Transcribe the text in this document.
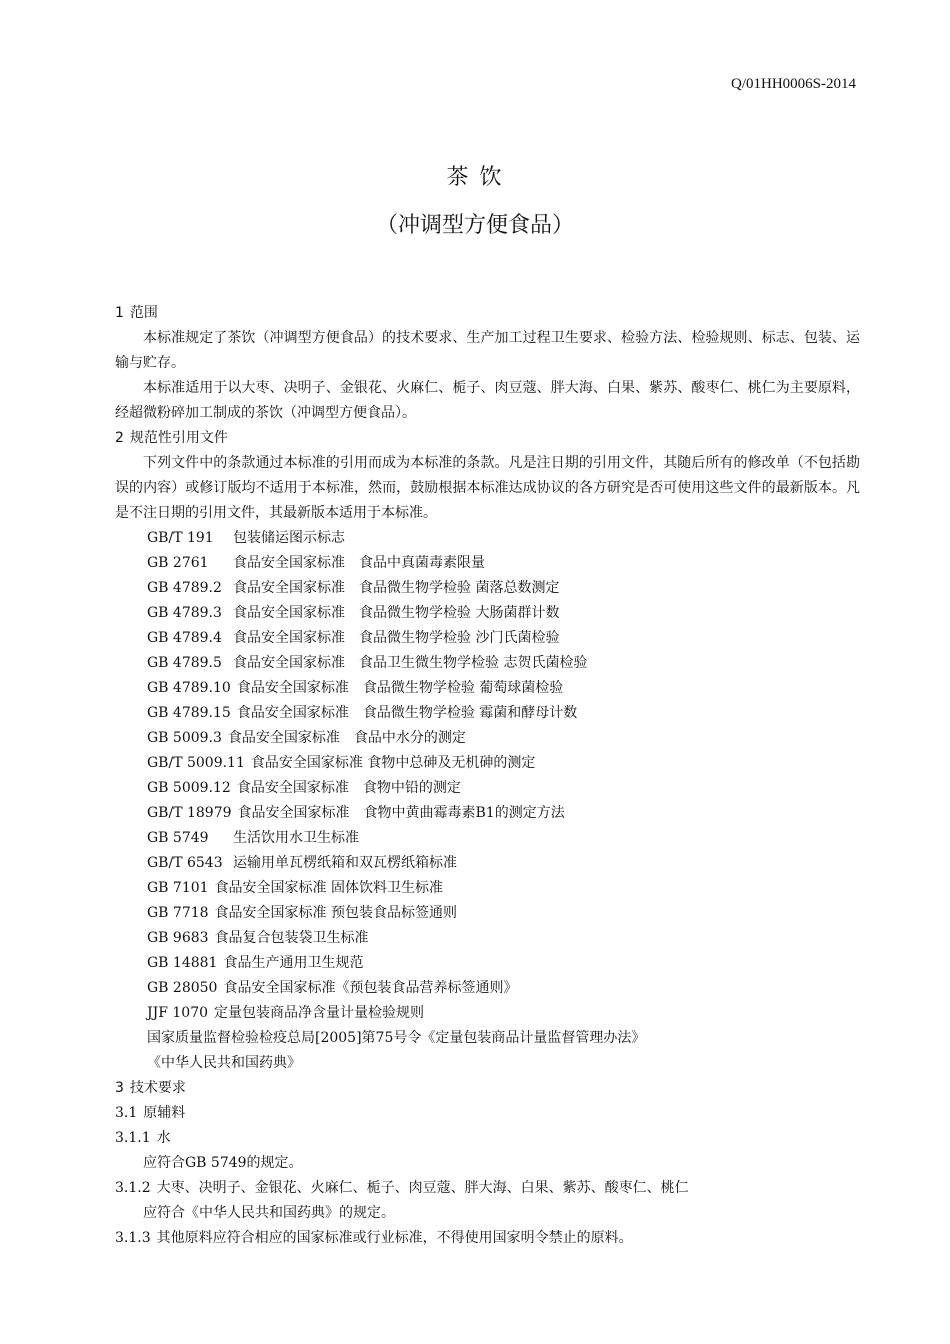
Q/01HH0006S-2014
茶 饮
（冲调型方便食品）
1 范围
本标准规定了茶饮（冲调型方便食品）的技术要求、生产加工过程卫生要求、检验方法、检验规则、标志、包装、运输与贮存。
本标准适用于以大枣、决明子、金银花、火麻仁、栀子、肉豆蔻、胖大海、白果、紫苏、酸枣仁、桃仁为主要原料，经超微粉碎加工制成的茶饮（冲调型方便食品）。
2 规范性引用文件
下列文件中的条款通过本标准的引用而成为本标准的条款。凡是注日期的引用文件，其随后所有的修改单（不包括勘误的内容）或修订版均不适用于本标准，然而，鼓励根据本标准达成协议的各方研究是否可使用这些文件的最新版本。凡是不注日期的引用文件，其最新版本适用于本标准。
GB/T 191 包装储运图示标志
GB 2761 食品安全国家标准　食品中真菌毒素限量
GB 4789.2 食品安全国家标准　食品微生物学检验 菌落总数测定
GB 4789.3 食品安全国家标准　食品微生物学检验 大肠菌群计数
GB 4789.4 食品安全国家标准　食品微生物学检验 沙门氏菌检验
GB 4789.5 食品安全国家标准　食品卫生微生物学检验 志贺氏菌检验
GB 4789.10 食品安全国家标准　食品微生物学检验 葡萄球菌检验
GB 4789.15 食品安全国家标准　食品微生物学检验 霉菌和酵母计数
GB 5009.3 食品安全国家标准　食品中水分的测定
GB/T 5009.11 食品安全国家标准 食物中总砷及无机砷的测定
GB 5009.12 食品安全国家标准　食物中铅的测定
GB/T 18979 食品安全国家标准　食物中黄曲霉毒素B1的测定方法
GB 5749 生活饮用水卫生标准
GB/T 6543 运输用单瓦楞纸箱和双瓦楞纸箱标准
GB 7101 食品安全国家标准 固体饮料卫生标准
GB 7718 食品安全国家标准 预包装食品标签通则
GB 9683 食品复合包装袋卫生标准
GB 14881 食品生产通用卫生规范
GB 28050 食品安全国家标准《预包装食品营养标签通则》
JJF 1070 定量包装商品净含量计量检验规则
国家质量监督检验检疫总局[2005]第75号令《定量包装商品计量监督管理办法》
《中华人民共和国药典》
3 技术要求
3.1 原辅料
3.1.1 水
应符合GB 5749的规定。
3.1.2 大枣、决明子、金银花、火麻仁、栀子、肉豆蔻、胖大海、白果、紫苏、酸枣仁、桃仁
应符合《中华人民共和国药典》的规定。
3.1.3 其他原料应符合相应的国家标准或行业标准，不得使用国家明令禁止的原料。
